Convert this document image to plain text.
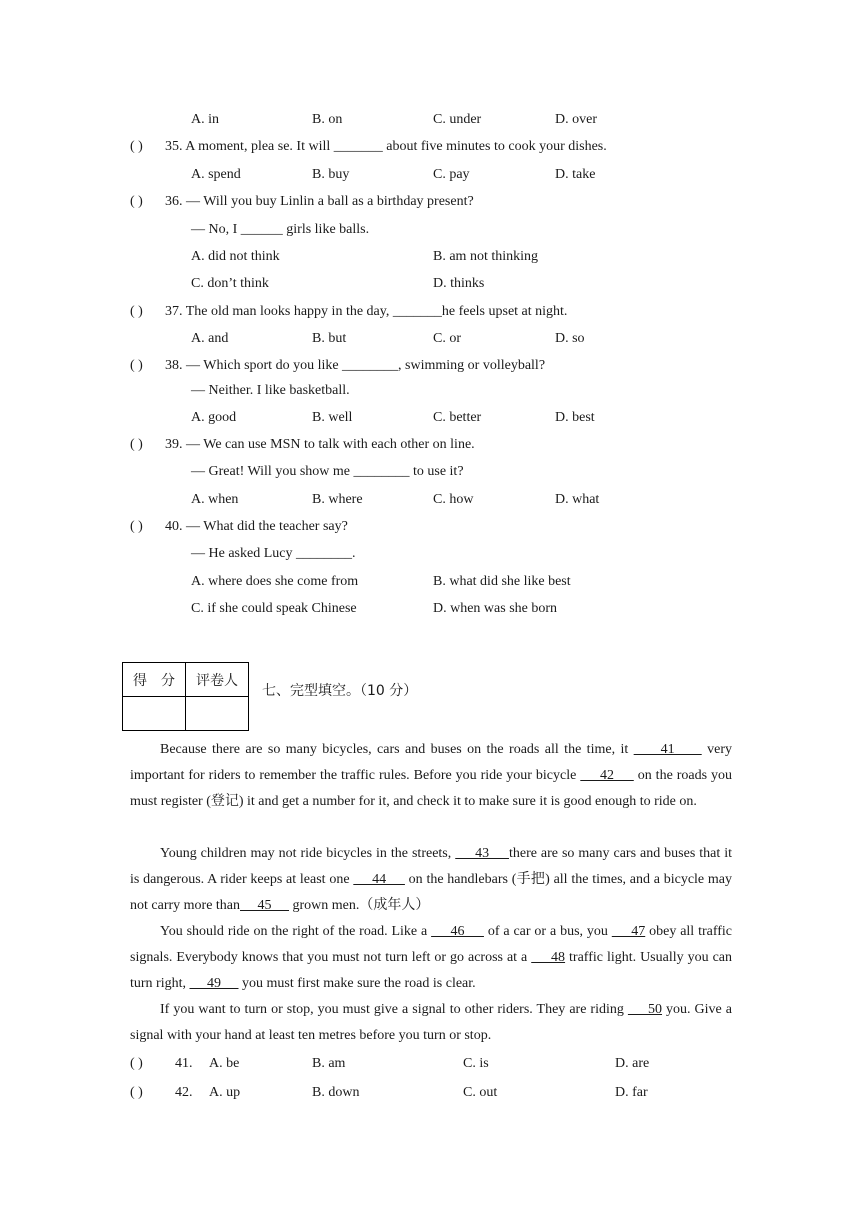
A. in	B. on	C. under	D. over
( ) 35. A moment, plea se. It will _______ about five minutes to cook your dishes.
A. spend	B. buy	C. pay	D. take
( ) 36. — Will you buy Linlin a ball as a birthday present?
— No, I ______ girls like balls.
A. did not think	B. am not thinking
C. don’t think	D. thinks
( ) 37. The old man looks happy in the day, _______he feels upset at night.
A. and	B. but	C. or	D. so
( ) 38. — Which sport do you like ________, swimming or volleyball?
— Neither. I like basketball.
A. good	B. well	C. better	D. best
( ) 39. — We can use MSN to talk with each other on line.
— Great! Will you show me ________ to use it?
A. when	B. where	C. how	D. what
( ) 40. — What did the teacher say?
— He asked Lucy ________.
A. where does she come from	B. what did she like best
C. if she could speak Chinese	D. when was she born
得　分	评卷人

七、完型填空。（10 分）
Because there are so many bicycles, cars and buses on the roads all the time, it      41      very important for riders to remember the traffic rules. Before you ride your bicycle      42      on the roads you must register (登记) it and get a number for it, and check it to make sure it is good enough to ride on.
Young children may not ride bicycles in the streets,      43     there are so many cars and buses that it is dangerous. A rider keeps at least one      44      on the handlebars (手把) all the times, and a bicycle may not carry more than     45      grown men.（成年人）
You should ride on the right of the road. Like a      46      of a car or a bus, you      47 obey all traffic signals. Everybody knows that you must not turn left or go across at a      48 traffic light. Usually you can turn right,      49      you must first make sure the road is clear.
If you want to turn or stop, you must give a signal to other riders. They are riding      50 you. Give a signal with your hand at least ten metres before you turn or stop.
( ) 41. A. be	B. am	C. is	D. are
( ) 42. A. up	B. down	C. out	D. far
